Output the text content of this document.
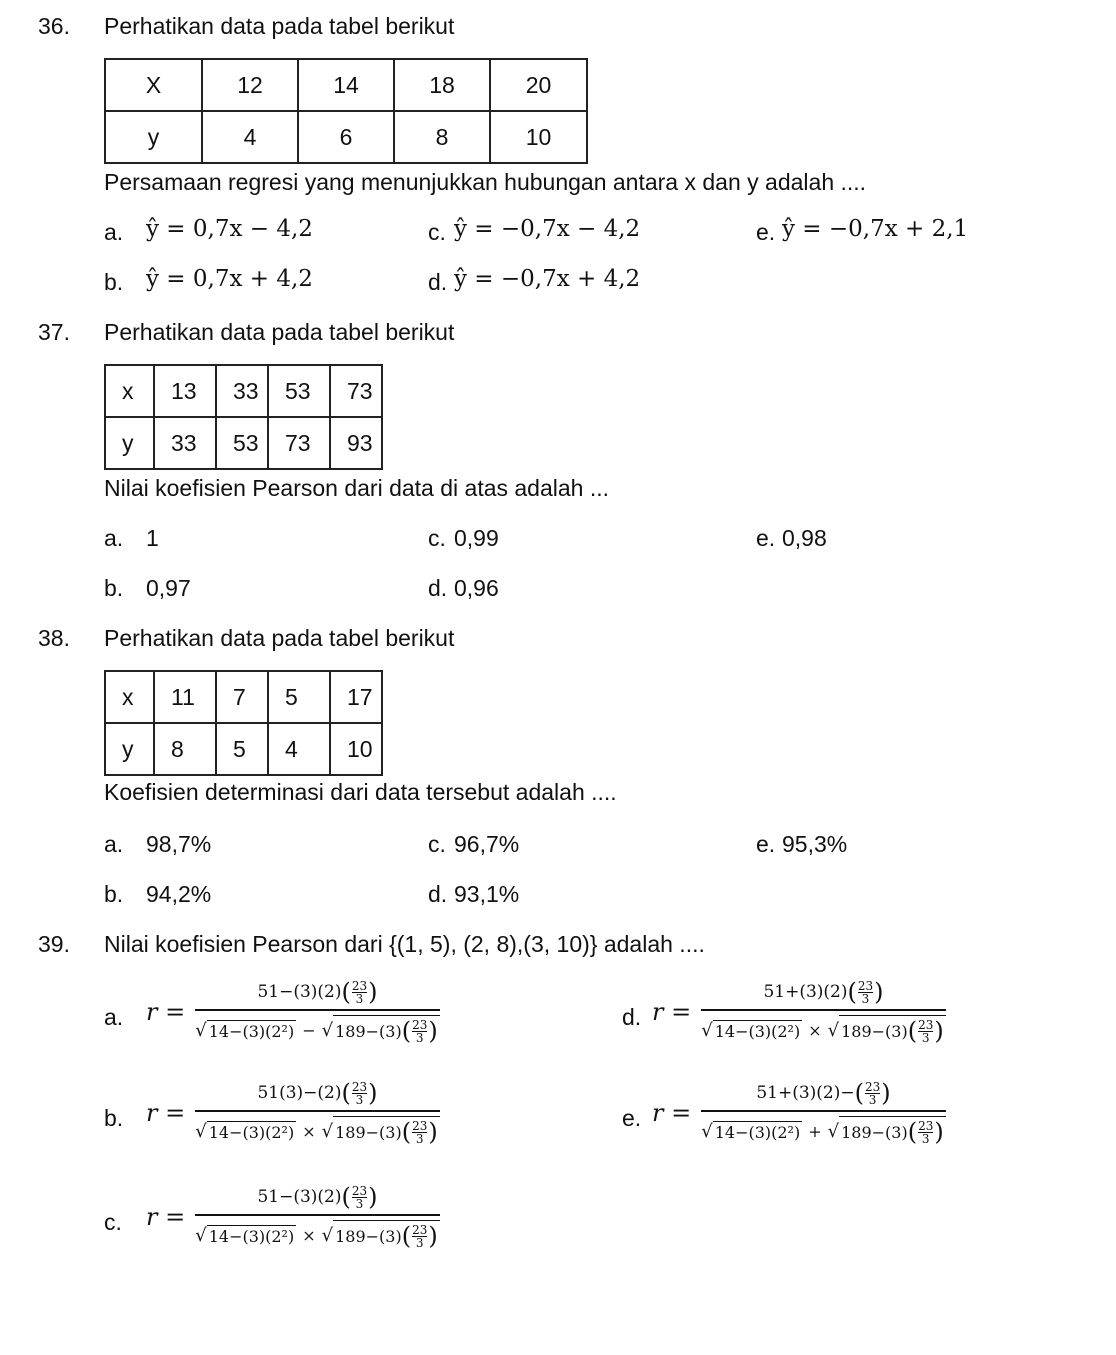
36. Perhatikan data pada tabel berikut
X	12	14	18	20
y	4	6	8	10
Persamaan regresi yang menunjukkan hubungan antara x dan y adalah ....
a. ŷ = 0,7x − 4,2	c. ŷ = −0,7x − 4,2	e. ŷ = −0,7x + 2,1
b. ŷ = 0,7x + 4,2	d. ŷ = −0,7x + 4,2
37. Perhatikan data pada tabel berikut
x	13	33	53	73
y	33	53	73	93
Nilai koefisien Pearson dari data di atas adalah ...
a. 1	c. 0,99	e. 0,98
b. 0,97	d. 0,96
38. Perhatikan data pada tabel berikut
x	11	7	5	17
y	8	5	4	10
Koefisien determinasi dari data tersebut adalah ....
a. 98,7%	c. 96,7%	e. 95,3%
b. 94,2%	d. 93,1%
39. Nilai koefisien Pearson dari {(1, 5), (2, 8),(3, 10)} adalah ....
a. r = 51−(3)(2) ( 23
3 )
√ 14−(3)(2²) − √ 189−(3) ( 23
3 )
b. r = 51(3)−(2) ( 23
3 )
√ 14−(3)(2²) × √ 189−(3) ( 23
3 )
c. r = 51−(3)(2) ( 23
3 )
√ 14−(3)(2²) × √ 189−(3) ( 23
3 )
d. r = 51+(3)(2) ( 23
3 )
√ 14−(3)(2²) × √ 189−(3) ( 23
3 )
e. r = 51+(3)(2)− ( 23
3 )
√ 14−(3)(2²) + √ 189−(3) ( 23
3 )
